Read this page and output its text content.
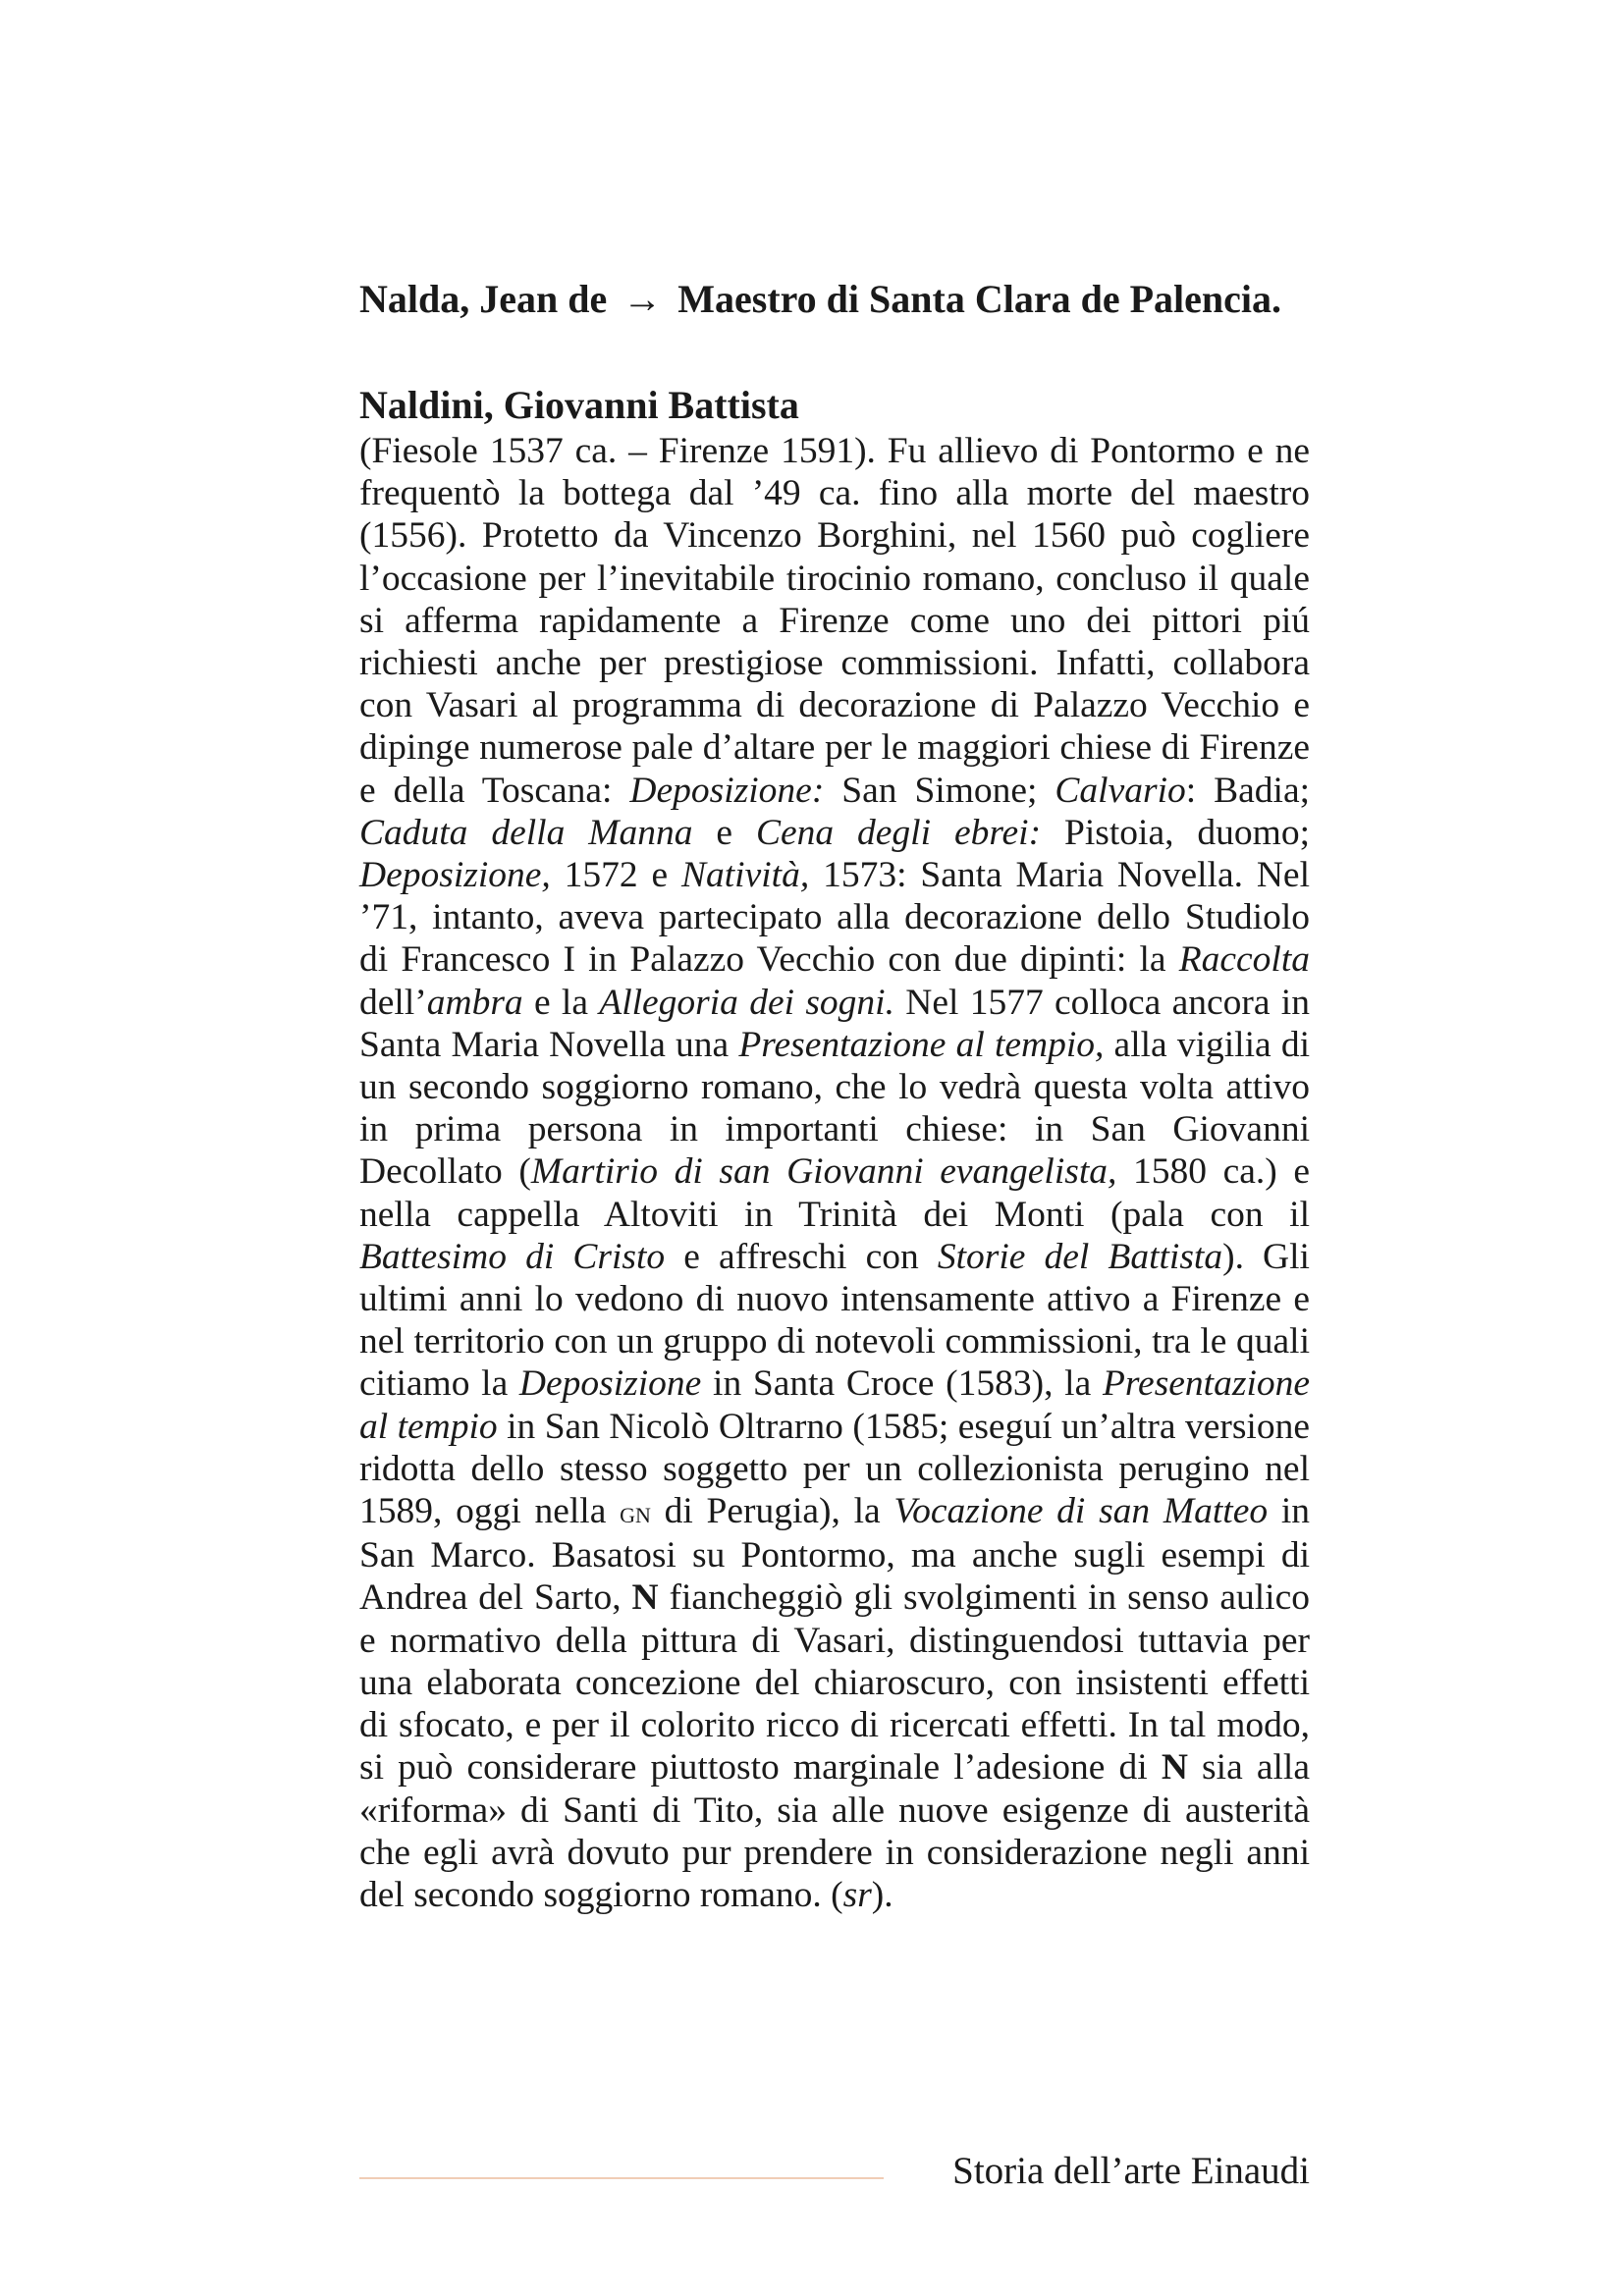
Nalda, Jean de → Maestro di Santa Clara de Palencia.
Naldini, Giovanni Battista

(Fiesole 1537 ca. – Firenze 1591). Fu allievo di Pontormo e ne frequentò la bottega dal ’49 ca. fino alla morte del maestro (1556). Protetto da Vincenzo Borghini, nel 1560 può cogliere l’occasione per l’inevitabile tirocinio romano, concluso il quale si afferma rapidamente a Firenze come uno dei pittori piú richiesti anche per prestigiose commissioni. Infatti, collabora con Vasari al programma di decorazione di Palazzo Vecchio e dipinge numerose pale d’altare per le maggiori chiese di Firenze e della Toscana: Deposizione: San Simone; Calvario: Badia; Caduta della Manna e Cena degli ebrei: Pistoia, duomo; Deposizione, 1572 e Natività, 1573: Santa Maria Novella. Nel ’71, intanto, aveva partecipato alla decorazione dello Studiolo di Francesco I in Palazzo Vecchio con due dipinti: la Raccolta dell’ambra e la Allegoria dei sogni. Nel 1577 colloca ancora in Santa Maria Novella una Presentazione al tempio, alla vigilia di un secondo soggiorno romano, che lo vedrà questa volta attivo in prima persona in importanti chiese: in San Giovanni Decollato (Martirio di san Giovanni evangelista, 1580 ca.) e nella cappella Altoviti in Trinità dei Monti (pala con il Battesimo di Cristo e affreschi con Storie del Battista). Gli ultimi anni lo vedono di nuovo intensamente attivo a Firenze e nel territorio con un gruppo di notevoli commissioni, tra le quali citiamo la Deposizione in Santa Croce (1583), la Presentazione al tempio in San Nicolò Oltrarno (1585; eseguí un’altra versione ridotta dello stesso soggetto per un collezionista perugino nel 1589, oggi nella gn di Perugia), la Vocazione di san Matteo in San Marco. Basatosi su Pontormo, ma anche sugli esempi di Andrea del Sarto, N fiancheggiò gli svolgimenti in senso aulico e normativo della pittura di Vasari, distinguendosi tuttavia per una elaborata concezione del chiaroscuro, con insistenti effetti di sfocato, e per il colorito ricco di ricercati effetti. In tal modo, si può considerare piuttosto marginale l’adesione di N sia alla «riforma» di Santi di Tito, sia alle nuove esigenze di austerità che egli avrà dovuto pur prendere in considerazione negli anni del secondo soggiorno romano. (sr).

Storia dell’arte Einaudi
